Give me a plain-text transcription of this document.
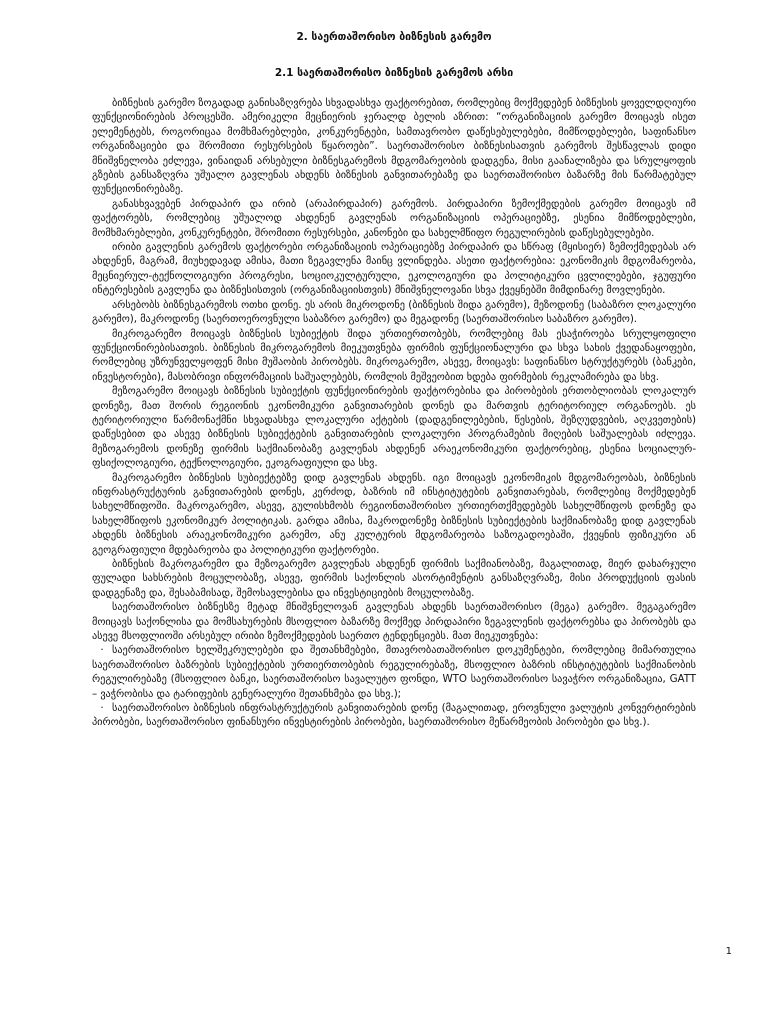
2. საერთაშორისო ბიზნესის გარემო
2.1 საერთაშორისო ბიზნესის გარემოს არსი

ბიზნესის გარემო ზოგადად განისაზღვრება სხვადასხვა ფაქტორებით, რომლებიც მოქმედებენ ბიზნესის ყოველდღიური ფუნქციონირების პროცესში. ამერიკელი მეცნიერის ჯერალდ ბელის აზრით: “ორგანიზაციის გარემო მოიცავს ისეთ ელემენტებს, როგორიცაა მომხმარებლები, კონკურენტები, სამთავრობო დაწესებულებები, მიმწოდებლები, საფინანსო ორგანიზაციები და შრომითი რესურსების წყაროები”. საერთაშორისო ბიზნესისათვის გარემოს შესწავლას დიდი მნიშვნელობა ეძლევა, ვინაიდან არსებული ბიზნესგარემოს მდგომარეობის დადგენა, მისი გაანალიზება და სრულყოფის გზების განსაზღვრა უშუალო გავლენას ახდენს ბიზნესის განვითარებაზე და საერთაშორისო ბაზარზე მის წარმატებულ ფუნქციონირებაზე.

განასხვავებენ პირდაპირ და ირიბ (არაპირდაპირ) გარემოს. პირდაპირი ზემოქმედების გარემო მოიცავს იმ ფაქტორებს, რომლებიც უშუალოდ ახდენენ გავლენას ორგანიზაციის ოპერაციებზე, ესენია მიმწოდებლები, მომხმარებლები, კონკურენტები, შრომითი რესურსები, კანონები და სახელმწიფო რეგულირების დაწესებულებები.

ირიბი გავლენის გარემოს ფაქტორები ორგანიზაციის ოპერაციებზე პირდაპირ და სწრაფ (მყისიერ) ზემოქმედებას არ ახდენენ, მაგრამ, მიუხედავად ამისა, მათი ზეგავლენა მაინც ვლინდება. ასეთი ფაქტორებია: ეკონომიკის მდგომარეობა, მეცნიერულ-ტექნოლოგიური პროგრესი, სოციოკულტურული, ეკოლოგიური და პოლიტიკური ცვლილებები, ჯგუფური ინტერესების გავლენა და ბიზნესისთვის (ორგანიზაციისთვის) მნიშვნელოვანი სხვა ქვეყნებში მიმდინარე მოვლენები.

არსებობს ბიზნესგარემოს ოთხი დონე. ეს არის მიკროდონე (ბიზნესის შიდა გარემო), მეზოდონე (საბაზრო ლოკალური გარემო), მაკროდონე (საერთოეროვნული საბაზრო გარემო) და მეგადონე (საერთაშორისო საბაზრო გარემო).

მიკროგარემო მოიცავს ბიზნესის სუბიექტის შიდა ურთიერთობებს, რომლებიც მას ესაჭიროება სრულყოფილი ფუნქციონირებისათვის. ბიზნესის მიკროგარემოს მიეკუთვნება ფირმის ფუნქციონალური და სხვა სახის ქვედანაყოფები, რომლებიც უზრუნველყოფენ მისი მუშაობის პირობებს. მიკროგარემო, ასევე, მოიცავს: საფინანსო სტრუქტურებს (ბანკები, ინვესტორები), მასობრივი ინფორმაციის საშუალებებს, რომლის მეშვეობით ხდება ფირმების რეკლამირება და სხვ.

მეზოგარემო მოიცავს ბიზნესის სუბიექტის ფუნქციონირების ფაქტორებისა და პირობების ერთობლიობას ლოკალურ დონეზე, მათ შორის რეგიონის ეკონომიკური განვითარების დონეს და მართვის ტერიტორიულ ორგანოებს. ეს ტერიტორიული წარმონაქმნი სხვადასხვა ლოკალური აქტების (დადგენილებების, წესების, შეზღუდვების, აღკვეთების) დაწესებით და ასევე ბიზნესის სუბიექტების განვითარების ლოკალური პროგრამების მიღების საშუალებას იძლევა. მეზოგარემოს დონეზე ფირმის საქმიანობაზე გავლენას ახდენენ არაეკონომიკური ფაქტორებიც, ესენია სოციალურ-ფსიქოლოგიური, ტექნოლოგიური, ეკოგრაფიული და სხვ.

მაკროგარემო ბიზნესის სუბიექტებზე დიდ გავლენას ახდენს. იგი მოიცავს ეკონომიკის მდგომარეობას, ბიზნესის ინფრასტრუქტურის განვითარების დონეს, კერძოდ, ბაზრის იმ ინსტიტუტების განვითარებას, რომლებიც მოქმედებენ სახელმწიფოში. მაკროგარემო, ასევე, გულისხმობს რეგიონთაშორისო ურთიერთქმედებებს სახელმწიფოს დონეზე და სახელმწიფოს ეკონომიკურ პოლიტიკას. გარდა ამისა, მაკროდონეზე ბიზნესის სუბიექტების საქმიანობაზე დიდ გავლენას ახდენს ბიზნესის არაეკონომიკური გარემო, ანუ კულტურის მდგომარეობა საზოგადოებაში, ქვეყნის ფიზიკური ან გეოგრაფიული მდებარეობა და პოლიტიკური ფაქტორები.

ბიზნესის მაკროგარემო და მეზოგარემო გავლენას ახდენენ ფირმის საქმიანობაზე, მაგალითად, მიერ დახარჯული ფულადი სახსრების მოცულობაზე, ასევე, ფირმის საქონლის ასორტიმენტის განსაზღვრაზე, მისი პროდუქციის ფასის დადგენაზე და, შესაბამისად, შემოსავლებისა და ინვესტიციების მოცულობაზე.

საერთაშორისო ბიზნესზე მეტად მნიშვნელოვან გავლენას ახდენს საერთაშორისო (მეგა) გარემო. მეგაგარემო მოიცავს საქონლისა და მომსახურების მსოფლიო ბაზარზე მოქმედ პირდაპირი ზეგავლენის ფაქტორებსა და პირობებს და ასევე მსოფლიოში არსებულ ირიბი ზემოქმედების საერთო ტენდენციებს. მათ მიეკუთვნება:

· საერთაშორისო ხელშეკრულებები და შეთანხმებები, მთავრობათაშორისო დოკუმენტები, რომლებიც მიმართულია საერთაშორისო ბაზრების სუბიექტების ურთიერთობების რეგულირებაზე, მსოფლიო ბაზრის ინსტიტუტების საქმიანობის რეგულირებაზე (მსოფლიო ბანკი, საერთაშორისო სავალუტო ფონდი, WTO საერთაშორისო სავაჭრო ორგანიზაცია, GATT – ვაჭრობისა და ტარიფების გენერალური შეთანხმება და სხვ.);

· საერთაშორისო ბიზნესის ინფრასტრუქტურის განვითარების დონე (მაგალითად, ეროვნული ვალუტის კონვერტირების პირობები, საერთაშორისო ფინანსური ინვესტირების პირობები, საერთაშორისო მეწარმეობის პირობები და სხვ.).

1
